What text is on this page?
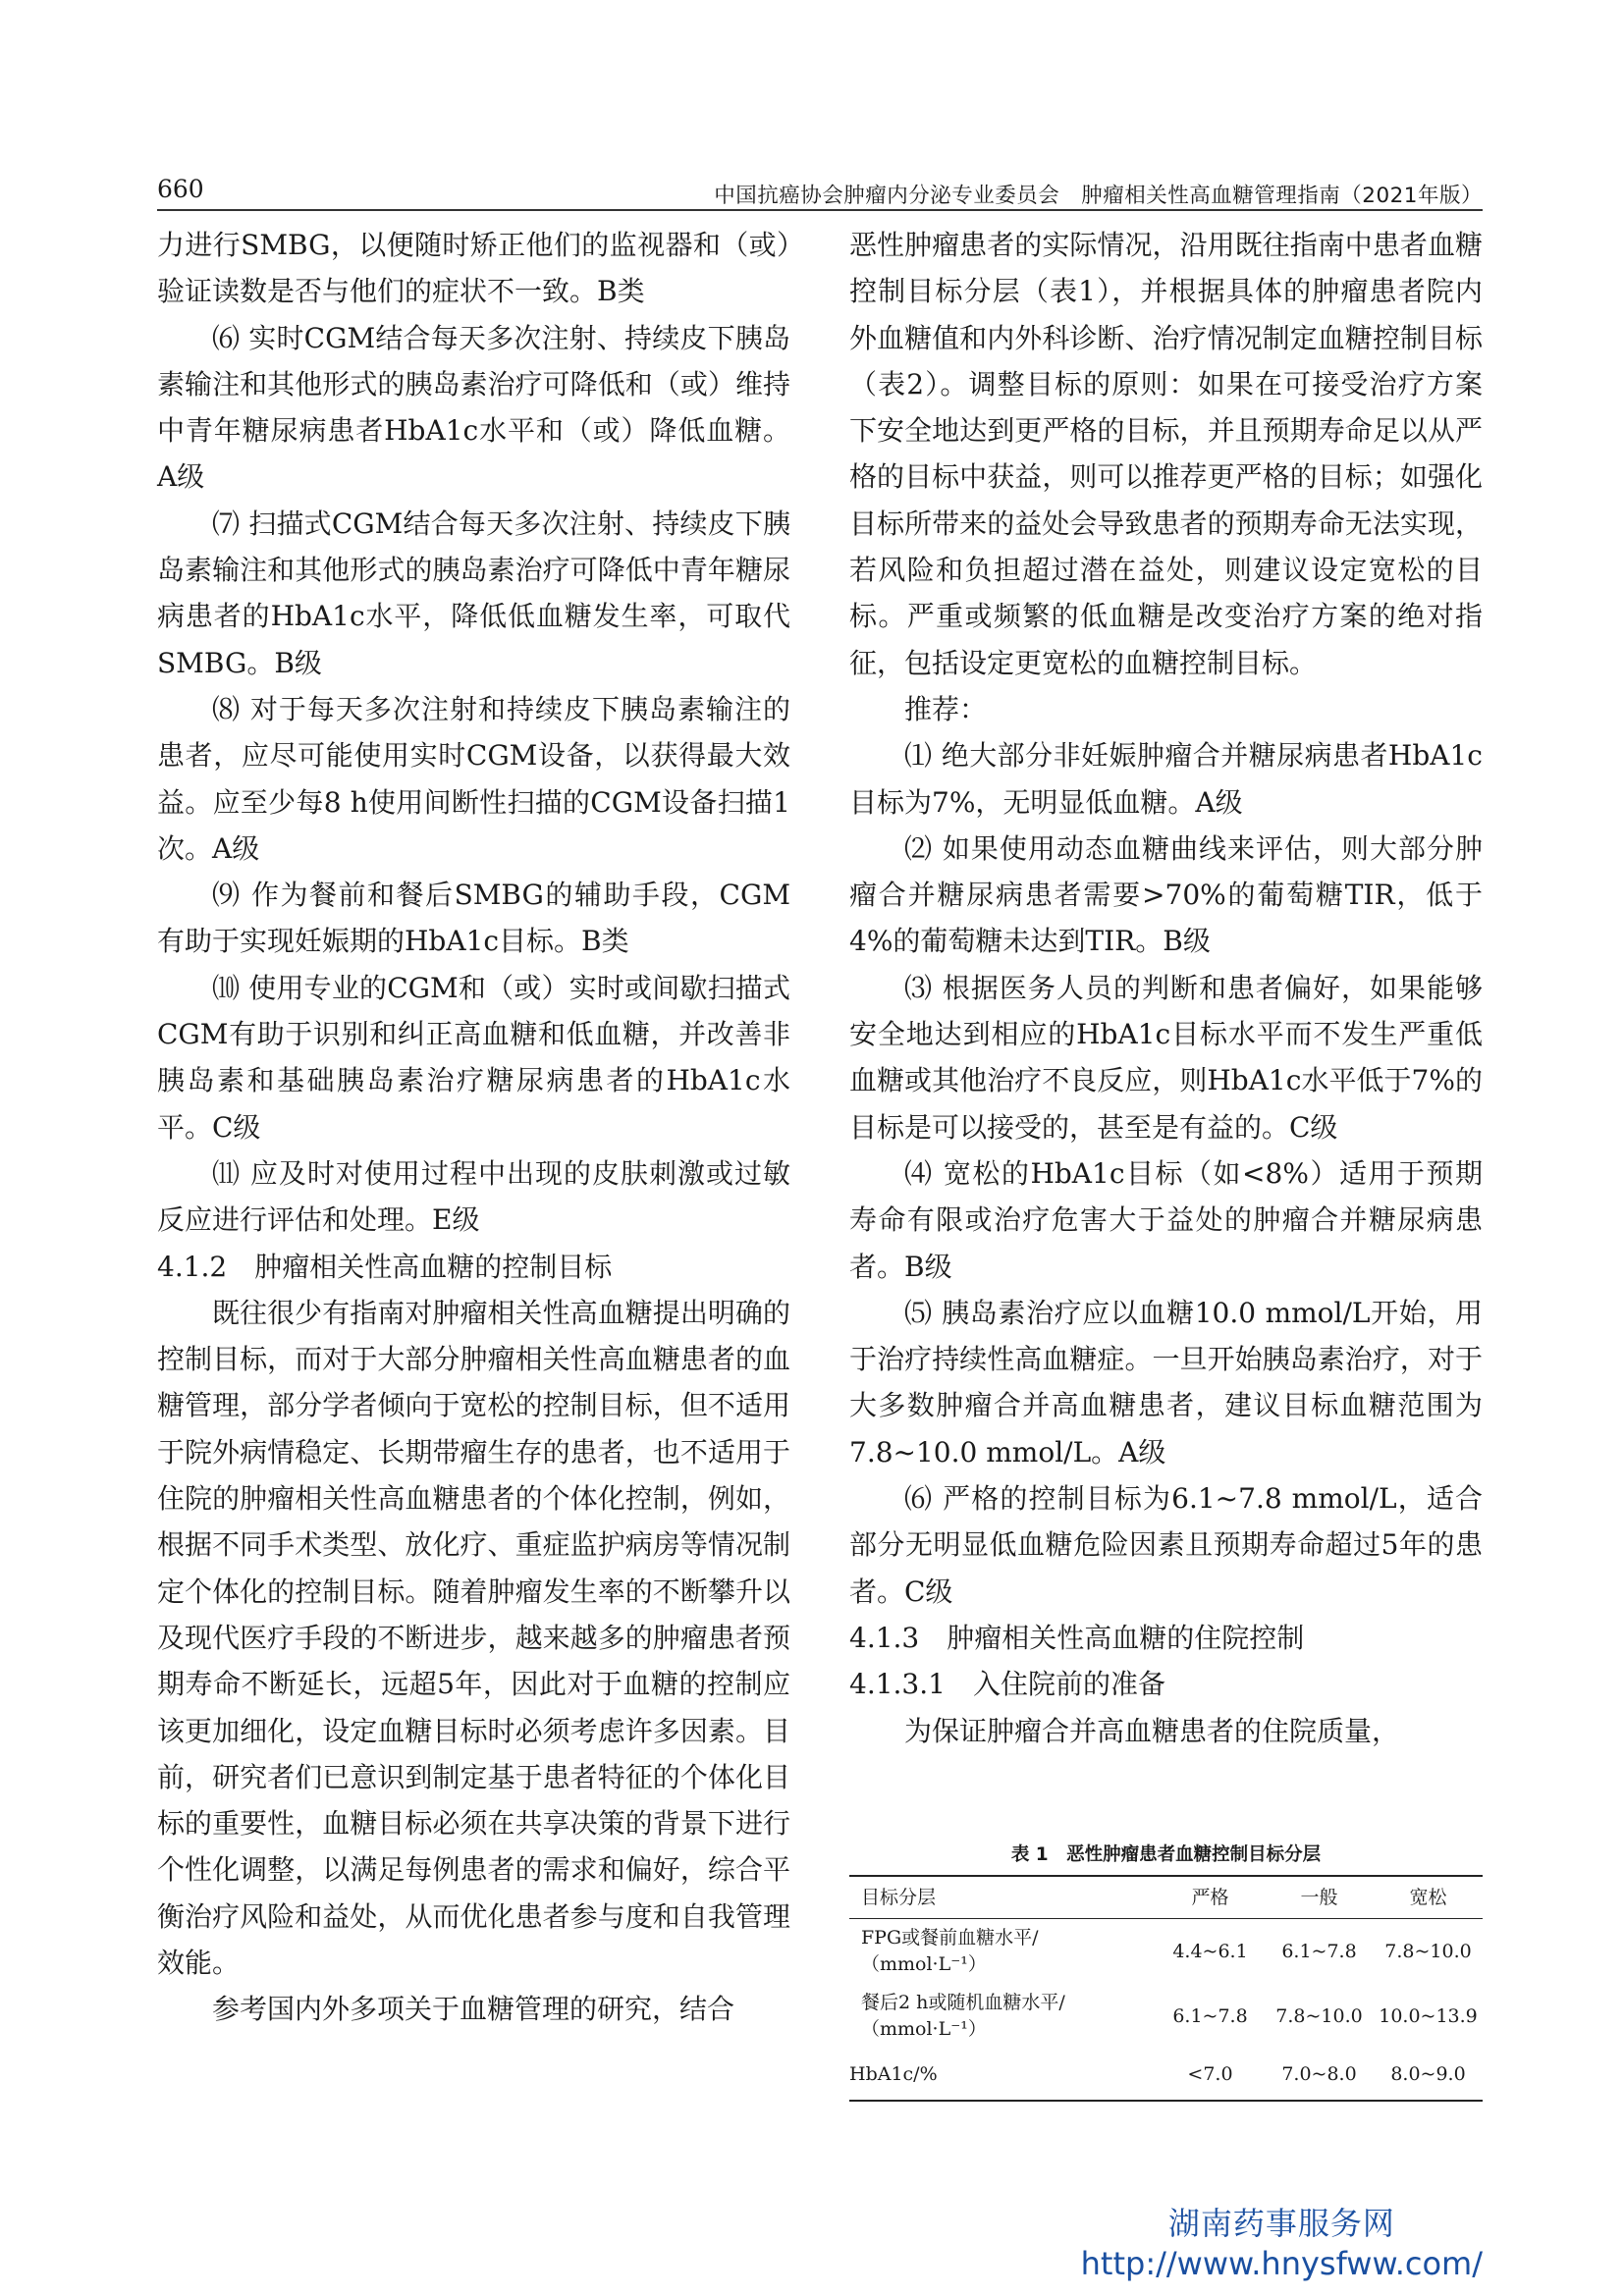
660	中国抗癌协会肿瘤内分泌专业委员会　肿瘤相关性高血糖管理指南（2021年版）

力进行SMBG，以便随时矫正他们的监视器和（或）验证读数是否与他们的症状不一致。B类

⑹ 实时CGM结合每天多次注射、持续皮下胰岛素输注和其他形式的胰岛素治疗可降低和（或）维持中青年糖尿病患者HbA1c水平和（或）降低血糖。A级

⑺ 扫描式CGM结合每天多次注射、持续皮下胰岛素输注和其他形式的胰岛素治疗可降低中青年糖尿病患者的HbA1c水平，降低低血糖发生率，可取代SMBG。B级

⑻ 对于每天多次注射和持续皮下胰岛素输注的患者，应尽可能使用实时CGM设备，以获得最大效益。应至少每8 h使用间断性扫描的CGM设备扫描1次。A级

⑼ 作为餐前和餐后SMBG的辅助手段，CGM有助于实现妊娠期的HbA1c目标。B类

⑽ 使用专业的CGM和（或）实时或间歇扫描式CGM有助于识别和纠正高血糖和低血糖，并改善非胰岛素和基础胰岛素治疗糖尿病患者的HbA1c水平。C级

⑾ 应及时对使用过程中出现的皮肤刺激或过敏反应进行评估和处理。E级

4.1.2　肿瘤相关性高血糖的控制目标

既往很少有指南对肿瘤相关性高血糖提出明确的控制目标，而对于大部分肿瘤相关性高血糖患者的血糖管理，部分学者倾向于宽松的控制目标，但不适用于院外病情稳定、长期带瘤生存的患者，也不适用于住院的肿瘤相关性高血糖患者的个体化控制，例如，根据不同手术类型、放化疗、重症监护病房等情况制定个体化的控制目标。随着肿瘤发生率的不断攀升以及现代医疗手段的不断进步，越来越多的肿瘤患者预期寿命不断延长，远超5年，因此对于血糖的控制应该更加细化，设定血糖目标时必须考虑许多因素。目前，研究者们已意识到制定基于患者特征的个体化目标的重要性，血糖目标必须在共享决策的背景下进行个性化调整，以满足每例患者的需求和偏好，综合平衡治疗风险和益处，从而优化患者参与度和自我管理效能。

参考国内外多项关于血糖管理的研究，结合

恶性肿瘤患者的实际情况，沿用既往指南中患者血糖控制目标分层（表1），并根据具体的肿瘤患者院内外血糖值和内外科诊断、治疗情况制定血糖控制目标（表2）。调整目标的原则：如果在可接受治疗方案下安全地达到更严格的目标，并且预期寿命足以从严格的目标中获益，则可以推荐更严格的目标；如强化目标所带来的益处会导致患者的预期寿命无法实现，若风险和负担超过潜在益处，则建议设定宽松的目标。严重或频繁的低血糖是改变治疗方案的绝对指征，包括设定更宽松的血糖控制目标。

推荐：

⑴ 绝大部分非妊娠肿瘤合并糖尿病患者HbA1c目标为7%，无明显低血糖。A级

⑵ 如果使用动态血糖曲线来评估，则大部分肿瘤合并糖尿病患者需要>70%的葡萄糖TIR，低于4%的葡萄糖未达到TIR。B级

⑶ 根据医务人员的判断和患者偏好，如果能够安全地达到相应的HbA1c目标水平而不发生严重低血糖或其他治疗不良反应，则HbA1c水平低于7%的目标是可以接受的，甚至是有益的。C级

⑷ 宽松的HbA1c目标（如<8%）适用于预期寿命有限或治疗危害大于益处的肿瘤合并糖尿病患者。B级

⑸ 胰岛素治疗应以血糖10.0 mmol/L开始，用于治疗持续性高血糖症。一旦开始胰岛素治疗，对于大多数肿瘤合并高血糖患者，建议目标血糖范围为7.8~10.0 mmol/L。A级

⑹ 严格的控制目标为6.1~7.8 mmol/L，适合部分无明显低血糖危险因素且预期寿命超过5年的患者。C级

4.1.3　肿瘤相关性高血糖的住院控制

4.1.3.1　入住院前的准备

为保证肿瘤合并高血糖患者的住院质量，

表 1　恶性肿瘤患者血糖控制目标分层
目标分层	严格	一般	宽松
FPG或餐前血糖水平/
（mmol·L⁻¹）	4.4~6.1	6.1~7.8	7.8~10.0
餐后2 h或随机血糖水平/
（mmol·L⁻¹）	6.1~7.8	7.8~10.0	10.0~13.9
HbA1c/%	<7.0	7.0~8.0	8.0~9.0
湖南药事服务网
http://www.hnysfww.com/
